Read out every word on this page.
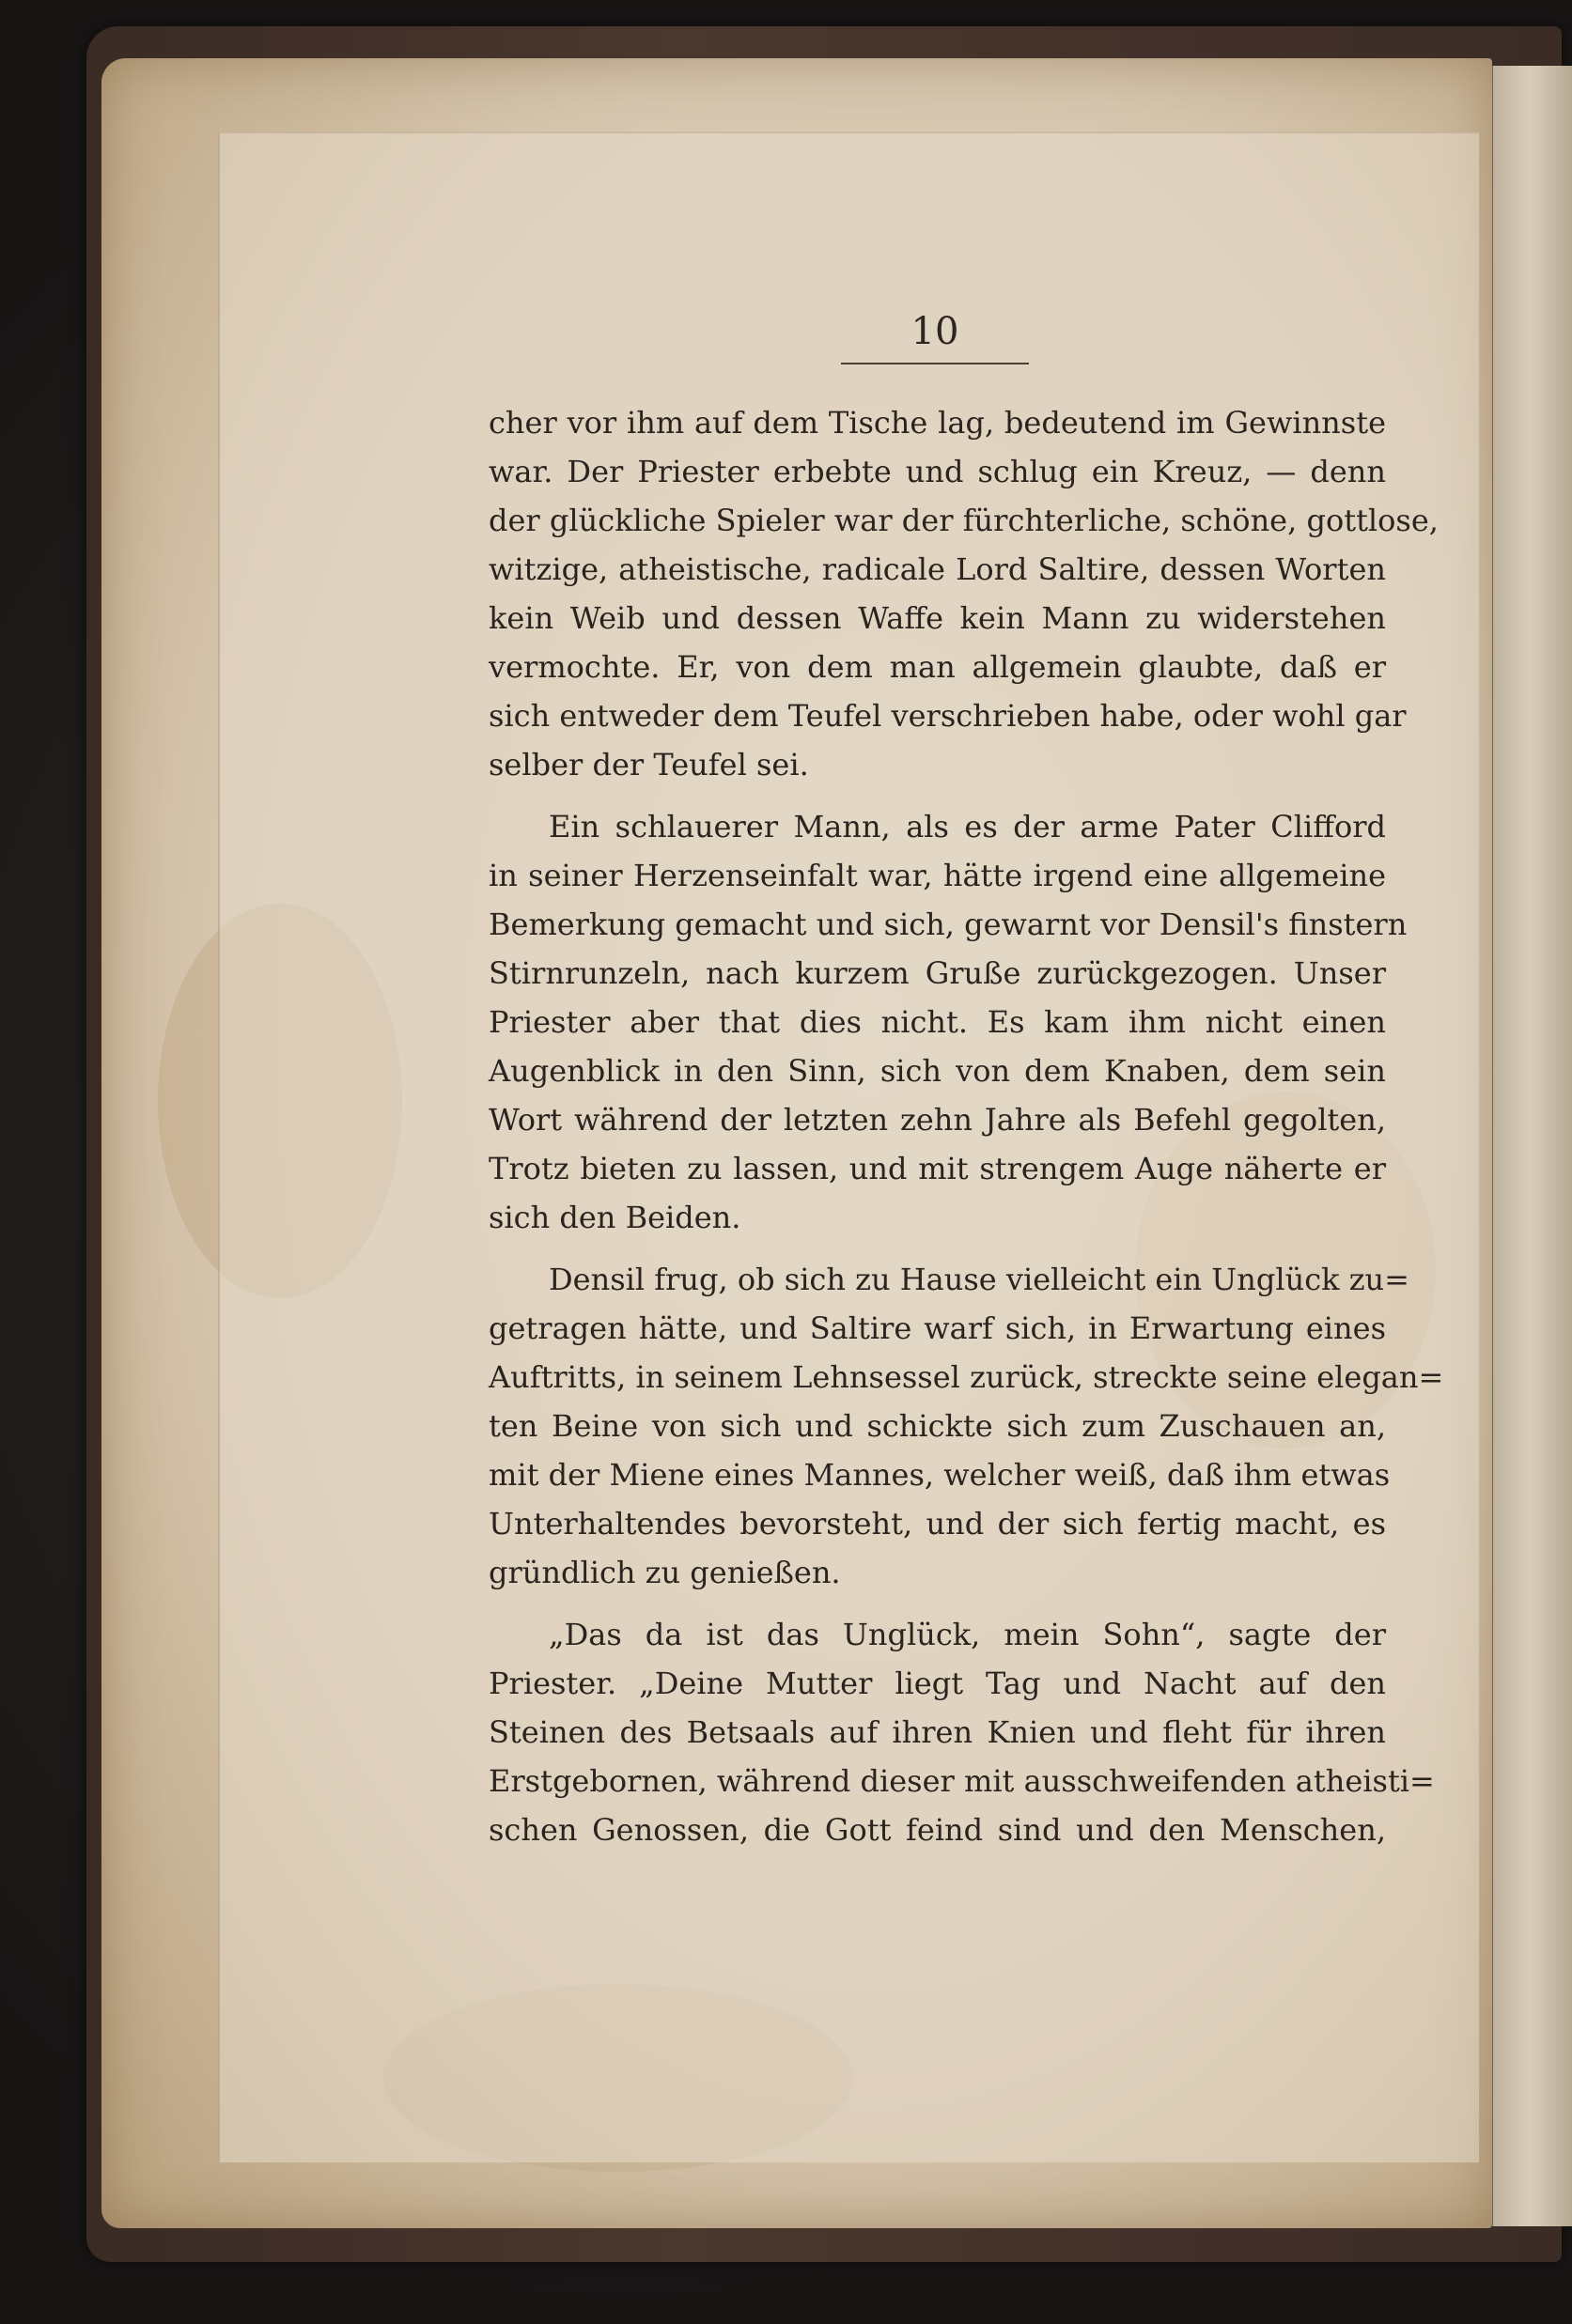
10
cher vor ihm auf dem Tische lag, bedeutend im Gewinnste
war. Der Priester erbebte und schlug ein Kreuz, — denn
der glückliche Spieler war der fürchterliche, schöne, gottlose,
witzige, atheistische, radicale Lord Saltire, dessen Worten
kein Weib und dessen Waffe kein Mann zu widerstehen
vermochte. Er, von dem man allgemein glaubte, daß er
sich entweder dem Teufel verschrieben habe, oder wohl gar
selber der Teufel sei.
Ein schlauerer Mann, als es der arme Pater Clifford
in seiner Herzenseinfalt war, hätte irgend eine allgemeine
Bemerkung gemacht und sich, gewarnt vor Densil's finstern
Stirnrunzeln, nach kurzem Gruße zurückgezogen. Unser
Priester aber that dies nicht. Es kam ihm nicht einen
Augenblick in den Sinn, sich von dem Knaben, dem sein
Wort während der letzten zehn Jahre als Befehl gegolten,
Trotz bieten zu lassen, und mit strengem Auge näherte er
sich den Beiden.
Densil frug, ob sich zu Hause vielleicht ein Unglück zu=
getragen hätte, und Saltire warf sich, in Erwartung eines
Auftritts, in seinem Lehnsessel zurück, streckte seine elegan=
ten Beine von sich und schickte sich zum Zuschauen an,
mit der Miene eines Mannes, welcher weiß, daß ihm etwas
Unterhaltendes bevorsteht, und der sich fertig macht, es
gründlich zu genießen.
„Das da ist das Unglück, mein Sohn“, sagte der
Priester. „Deine Mutter liegt Tag und Nacht auf den
Steinen des Betsaals auf ihren Knien und fleht für ihren
Erstgebornen, während dieser mit ausschweifenden atheisti=
schen Genossen, die Gott feind sind und den Menschen,
